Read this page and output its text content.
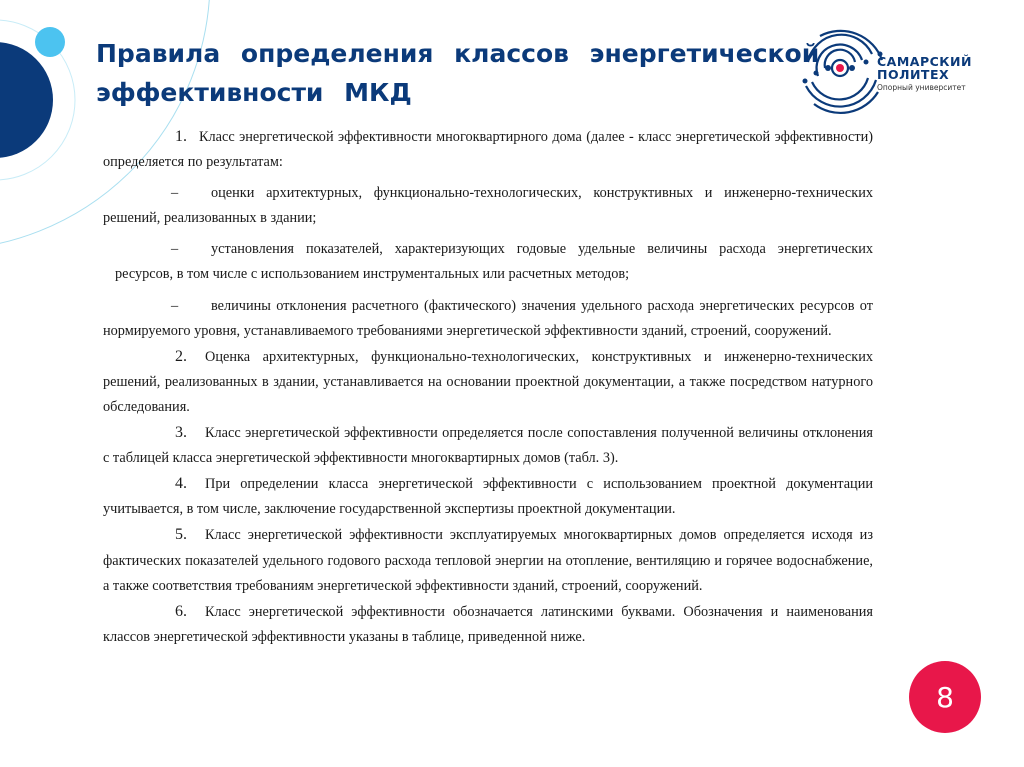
Правила определения классов энергетической
эффективности МКД
САМАРСКИЙ
ПОЛИТЕХ
Опорный университет

1. Класс энергетической эффективности многоквартирного дома (далее - класс энергетической эффективности) определяется по результатам:

– оценки архитектурных, функционально-технологических, конструктивных и инженерно-технических решений, реализованных в здании;

– установления показателей, характеризующих годовые удельные величины расхода энергетических ресурсов, в том числе с использованием инструментальных или расчетных методов;

– величины отклонения расчетного (фактического) значения удельного расхода энергетических ресурсов от нормируемого уровня, устанавливаемого требованиями энергетической эффективности зданий, строений, сооружений.

2. Оценка архитектурных, функционально-технологических, конструктивных и инженерно-технических решений, реализованных в здании, устанавливается на основании проектной документации, а также посредством натурного обследования.

3. Класс энергетической эффективности определяется после сопоставления полученной величины отклонения с таблицей класса энергетической эффективности многоквартирных домов (табл. 3).

4. При определении класса энергетической эффективности с использованием проектной документации учитывается, в том числе, заключение государственной экспертизы проектной документации.

5. Класс энергетической эффективности эксплуатируемых многоквартирных домов определяется исходя из фактических показателей удельного годового расхода тепловой энергии на отопление, вентиляцию и горячее водоснабжение, а также соответствия требованиям энергетической эффективности зданий, строений, сооружений.

6. Класс энергетической эффективности обозначается латинскими буквами. Обозначения и наименования классов энергетической эффективности указаны в таблице, приведенной ниже.

8
